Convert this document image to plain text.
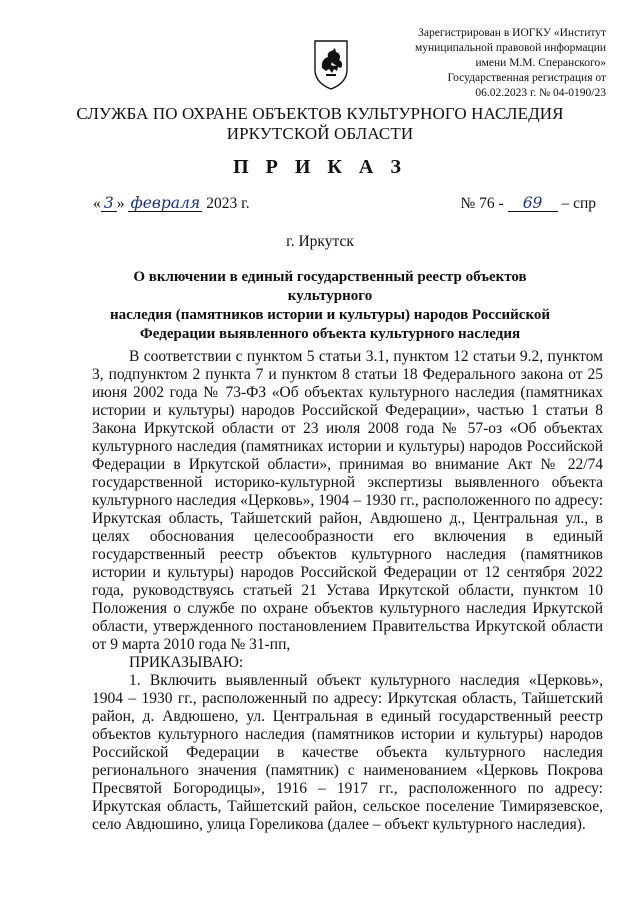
Зарегистрирован в ИОГКУ «Институт
муниципальной правовой информации
имени М.М. Сперанского»
Государственная регистрация от
06.02.2023 г. № 04-0190/23
СЛУЖБА ПО ОХРАНЕ ОБЪЕКТОВ КУЛЬТУРНОГО НАСЛЕДИЯ
ИРКУТСКОЙ ОБЛАСТИ
П Р И К А З
« 3 » февраля 2023 г.	№ 76 - 69 – спр
г. Иркутск
О включении в единый государственный реестр объектов культурного
наследия (памятников истории и культуры) народов Российской
Федерации выявленного объекта культурного наследия

В соответствии с пунктом 5 статьи 3.1, пунктом 12 статьи 9.2, пунктом 3, подпунктом 2 пункта 7 и пунктом 8 статьи 18 Федерального закона от 25 июня 2002 года № 73-ФЗ «Об объектах культурного наследия (памятниках истории и культуры) народов Российской Федерации», частью 1 статьи 8 Закона Иркутской области от 23 июля 2008 года № 57-оз «Об объектах культурного наследия (памятниках истории и культуры) народов Российской Федерации в Иркутской области», принимая во внимание Акт № 22/74 государственной историко-культурной экспертизы выявленного объекта культурного наследия «Церковь», 1904 – 1930 гг., расположенного по адресу: Иркутская область, Тайшетский район, Авдюшено д., Центральная ул., в целях обоснования целесообразности его включения в единый государственный реестр объектов культурного наследия (памятников истории и культуры) народов Российской Федерации от 12 сентября 2022 года, руководствуясь статьей 21 Устава Иркутской области, пунктом 10 Положения о службе по охране объектов культурного наследия Иркутской области, утвержденного постановлением Правительства Иркутской области от 9 марта 2010 года № 31-пп,

ПРИКАЗЫВАЮ:

1. Включить выявленный объект культурного наследия «Церковь», 1904 – 1930 гг., расположенный по адресу: Иркутская область, Тайшетский район, д. Авдюшено, ул. Центральная в единый государственный реестр объектов культурного наследия (памятников истории и культуры) народов Российской Федерации в качестве объекта культурного наследия регионального значения (памятник) с наименованием «Церковь Покрова Пресвятой Богородицы», 1916 – 1917 гг., расположенного по адресу: Иркутская область, Тайшетский район, сельское поселение Тимирязевское, село Авдюшино, улица Гореликова (далее – объект культурного наследия).
